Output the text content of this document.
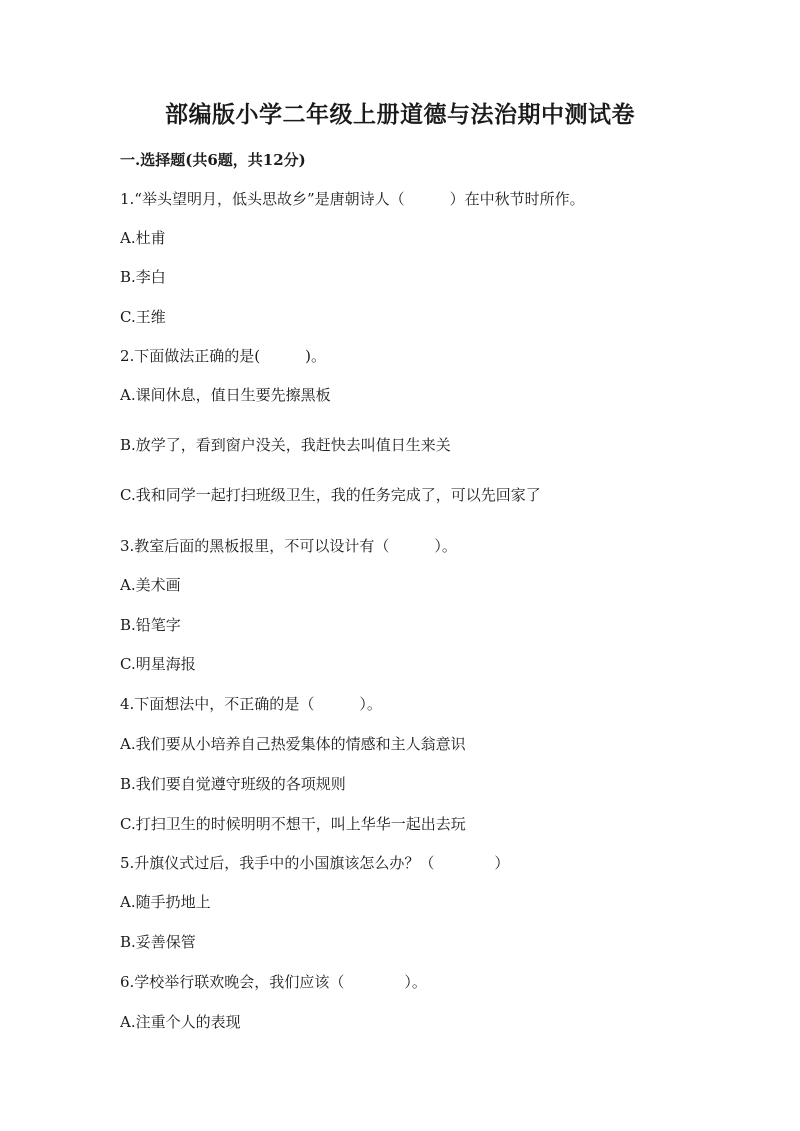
部编版小学二年级上册道德与法治期中测试卷
一.选择题(共6题，共12分)
1.“举头望明月，低头思故乡”是唐朝诗人（　　　）在中秋节时所作。
A.杜甫
B.李白
C.王维
2.下面做法正确的是(　　　)。
A.课间休息，值日生要先擦黑板
B.放学了，看到窗户没关，我赶快去叫值日生来关
C.我和同学一起打扫班级卫生，我的任务完成了，可以先回家了
3.教室后面的黑板报里，不可以设计有（　　　）。
A.美术画
B.铅笔字
C.明星海报
4.下面想法中，不正确的是（　　　）。
A.我们要从小培养自己热爱集体的情感和主人翁意识
B.我们要自觉遵守班级的各项规则
C.打扫卫生的时候明明不想干，叫上华华一起出去玩
5.升旗仪式过后，我手中的小国旗该怎么办？（　　　　）
A.随手扔地上
B.妥善保管
6.学校举行联欢晚会，我们应该（　　　　）。
A.注重个人的表现
